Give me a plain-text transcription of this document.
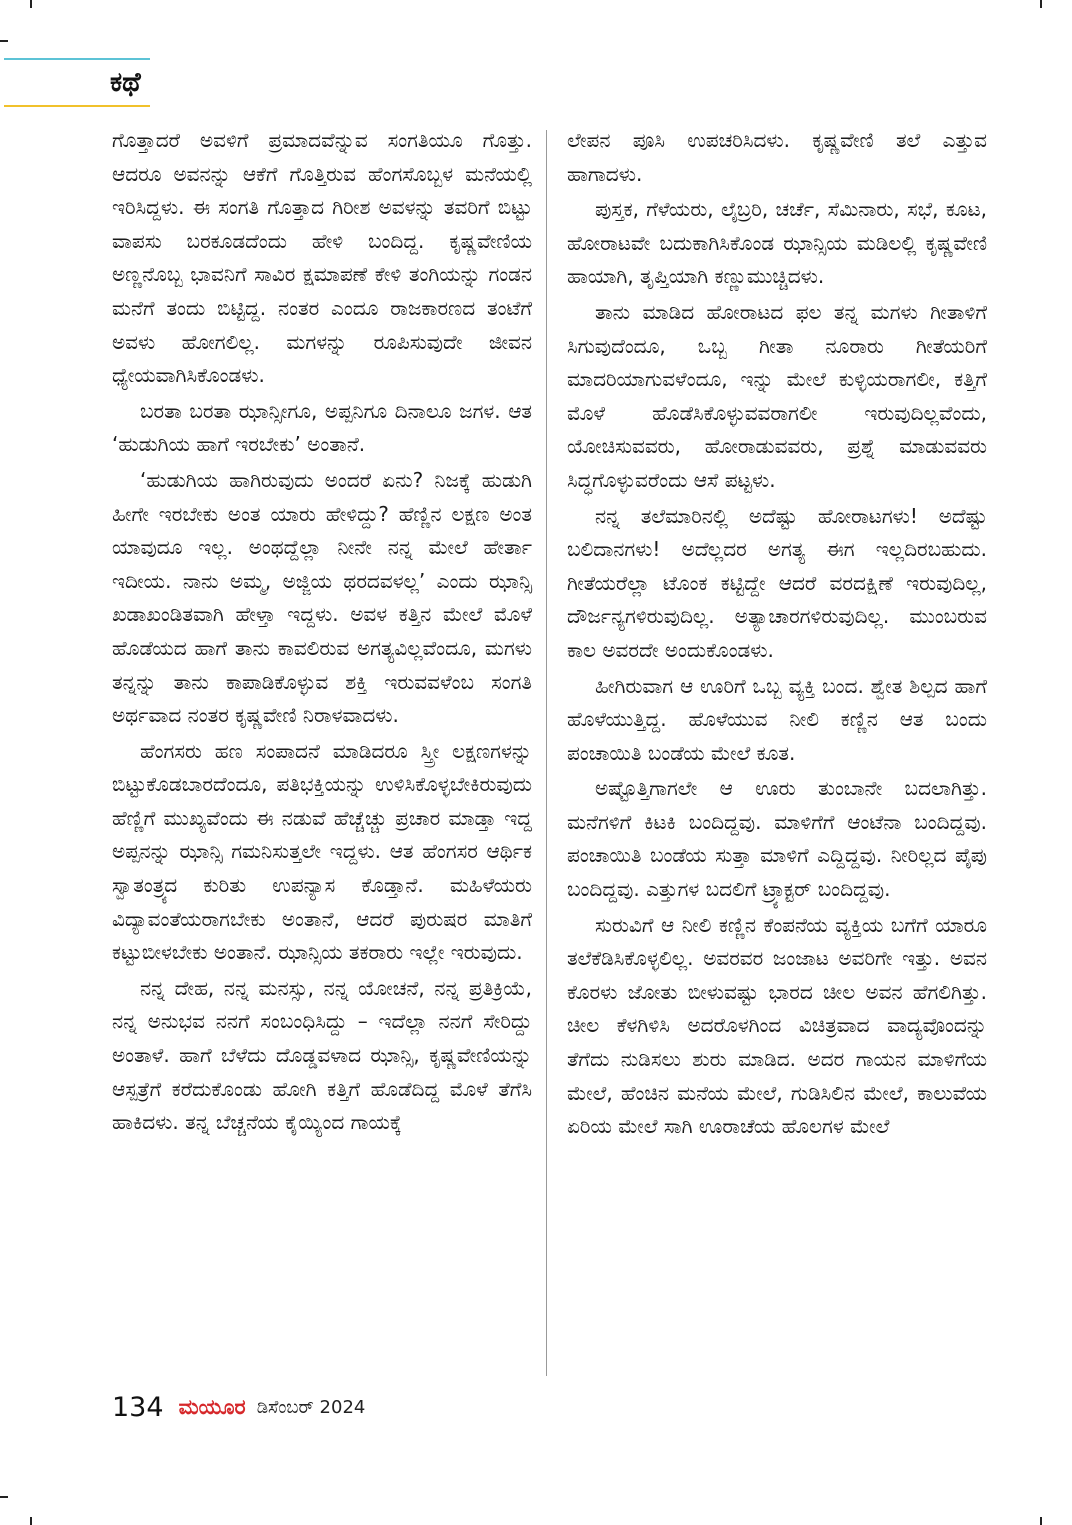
ಕಥೆ

ಗೊತ್ತಾದರೆ ಅವಳಿಗೆ ಪ್ರಮಾದವೆನ್ನುವ ಸಂಗತಿಯೂ ಗೊತ್ತು. ಆದರೂ ಅವನನ್ನು ಆಕೆಗೆ ಗೊತ್ತಿರುವ ಹೆಂಗಸೊಬ್ಬಳ ಮನೆಯಲ್ಲಿ ಇರಿಸಿದ್ದಳು. ಈ ಸಂಗತಿ ಗೊತ್ತಾದ ಗಿರೀಶ ಅವಳನ್ನು ತವರಿಗೆ ಬಿಟ್ಟು ವಾಪಸು ಬರಕೂಡದೆಂದು ಹೇಳಿ ಬಂದಿದ್ದ. ಕೃಷ್ಣವೇಣಿಯ ಅಣ್ಣನೊಬ್ಬ ಭಾವನಿಗೆ ಸಾವಿರ ಕ್ಷಮಾಪಣೆ ಕೇಳಿ ತಂಗಿಯನ್ನು ಗಂಡನ ಮನೆಗೆ ತಂದು ಬಿಟ್ಟಿದ್ದ. ನಂತರ ಎಂದೂ ರಾಜಕಾರಣದ ತಂಟೆಗೆ ಅವಳು ಹೋಗಲಿಲ್ಲ. ಮಗಳನ್ನು ರೂಪಿಸುವುದೇ ಜೀವನ ಧ್ಯೇಯವಾಗಿಸಿಕೊಂಡಳು.

ಬರತಾ ಬರತಾ ಝಾನ್ಸೀಗೂ, ಅಪ್ಪನಿಗೂ ದಿನಾಲೂ ಜಗಳ. ಆತ ‘ಹುಡುಗಿಯ ಹಾಗೆ ಇರಬೇಕು’ ಅಂತಾನೆ.

‘ಹುಡುಗಿಯ ಹಾಗಿರುವುದು ಅಂದರೆ ಏನು? ನಿಜಕ್ಕೆ ಹುಡುಗಿ ಹೀಗೇ ಇರಬೇಕು ಅಂತ ಯಾರು ಹೇಳಿದ್ದು? ಹೆಣ್ಣಿನ ಲಕ್ಷಣ ಅಂತ ಯಾವುದೂ ಇಲ್ಲ. ಅಂಥದ್ದೆಲ್ಲಾ ನೀನೇ ನನ್ನ ಮೇಲೆ ಹೇರ್ತಾ ಇದೀಯ. ನಾನು ಅಮ್ಮ, ಅಜ್ಜಿಯ ಥರದವಳಲ್ಲ’ ಎಂದು ಝಾನ್ಸಿ ಖಡಾಖಂಡಿತವಾಗಿ ಹೇಳ್ತಾ ಇದ್ದಳು. ಅವಳ ಕತ್ತಿನ ಮೇಲೆ ಮೊಳೆ ಹೊಡೆಯದ ಹಾಗೆ ತಾನು ಕಾವಲಿರುವ ಅಗತ್ಯವಿಲ್ಲವೆಂದೂ, ಮಗಳು ತನ್ನನ್ನು ತಾನು ಕಾಪಾಡಿಕೊಳ್ಳುವ ಶಕ್ತಿ ಇರುವವಳೆಂಬ ಸಂಗತಿ ಅರ್ಥವಾದ ನಂತರ ಕೃಷ್ಣವೇಣಿ ನಿರಾಳವಾದಳು.

ಹೆಂಗಸರು ಹಣ ಸಂಪಾದನೆ ಮಾಡಿದರೂ ಸ್ತ್ರೀ ಲಕ್ಷಣಗಳನ್ನು ಬಿಟ್ಟುಕೊಡಬಾರದೆಂದೂ, ಪತಿಭಕ್ತಿಯನ್ನು ಉಳಿಸಿಕೊಳ್ಳಬೇಕಿರುವುದು ಹೆಣ್ಣಿಗೆ ಮುಖ್ಯವೆಂದು ಈ ನಡುವೆ ಹೆಚ್ಚೆಚ್ಚು ಪ್ರಚಾರ ಮಾಡ್ತಾ ಇದ್ದ ಅಪ್ಪನನ್ನು ಝಾನ್ಸಿ ಗಮನಿಸುತ್ತಲೇ ಇದ್ದಳು. ಆತ ಹೆಂಗಸರ ಆರ್ಥಿಕ ಸ್ವಾತಂತ್ರ್ಯದ ಕುರಿತು ಉಪನ್ಯಾಸ ಕೊಡ್ತಾನೆ. ಮಹಿಳೆಯರು ವಿದ್ಯಾವಂತೆಯರಾಗಬೇಕು ಅಂತಾನೆ, ಆದರೆ ಪುರುಷರ ಮಾತಿಗೆ ಕಟ್ಟುಬೀಳಬೇಕು ಅಂತಾನೆ. ಝಾನ್ಸಿಯ ತಕರಾರು ಇಲ್ಲೇ ಇರುವುದು.

ನನ್ನ ದೇಹ, ನನ್ನ ಮನಸ್ಸು, ನನ್ನ ಯೋಚನೆ, ನನ್ನ ಪ್ರತಿಕ್ರಿಯೆ, ನನ್ನ ಅನುಭವ ನನಗೆ ಸಂಬಂಧಿಸಿದ್ದು – ಇದೆಲ್ಲಾ ನನಗೆ ಸೇರಿದ್ದು ಅಂತಾಳೆ. ಹಾಗೆ ಬೆಳೆದು ದೊಡ್ಡವಳಾದ ಝಾನ್ಸಿ, ಕೃಷ್ಣವೇಣಿಯನ್ನು ಆಸ್ಪತ್ರೆಗೆ ಕರೆದುಕೊಂಡು ಹೋಗಿ ಕತ್ತಿಗೆ ಹೊಡೆದಿದ್ದ ಮೊಳೆ ತೆಗೆಸಿ ಹಾಕಿದಳು. ತನ್ನ ಬೆಚ್ಚನೆಯ ಕೈಯ್ಯಿಂದ ಗಾಯಕ್ಕೆ

ಲೇಪನ ಪೂಸಿ ಉಪಚರಿಸಿದಳು. ಕೃಷ್ಣವೇಣಿ ತಲೆ ಎತ್ತುವ ಹಾಗಾದಳು.

ಪುಸ್ತಕ, ಗೆಳೆಯರು, ಲೈಬ್ರರಿ, ಚರ್ಚೆ, ಸೆಮಿನಾರು, ಸಭೆ, ಕೂಟ, ಹೋರಾಟವೇ ಬದುಕಾಗಿಸಿಕೊಂಡ ಝಾನ್ಸಿಯ ಮಡಿಲಲ್ಲಿ ಕೃಷ್ಣವೇಣಿ ಹಾಯಾಗಿ, ತೃಪ್ತಿಯಾಗಿ ಕಣ್ಣುಮುಚ್ಚಿದಳು.

ತಾನು ಮಾಡಿದ ಹೋರಾಟದ ಫಲ ತನ್ನ ಮಗಳು ಗೀತಾಳಿಗೆ ಸಿಗುವುದೆಂದೂ, ಒಬ್ಬ ಗೀತಾ ನೂರಾರು ಗೀತೆಯರಿಗೆ ಮಾದರಿಯಾಗುವಳೆಂದೂ, ಇನ್ನು ಮೇಲೆ ಕುಳ್ಳಿಯರಾಗಲೀ, ಕತ್ತಿಗೆ ಮೊಳೆ ಹೊಡೆಸಿಕೊಳ್ಳುವವರಾಗಲೀ ಇರುವುದಿಲ್ಲವೆಂದು, ಯೋಚಿಸುವವರು, ಹೋರಾಡುವವರು, ಪ್ರಶ್ನೆ ಮಾಡುವವರು ಸಿದ್ಧಗೊಳ್ಳುವರೆಂದು ಆಸೆ ಪಟ್ಟಳು.

ನನ್ನ ತಲೆಮಾರಿನಲ್ಲಿ ಅದೆಷ್ಟು ಹೋರಾಟಗಳು! ಅದೆಷ್ಟು ಬಲಿದಾನಗಳು! ಅದೆಲ್ಲದರ ಅಗತ್ಯ ಈಗ ಇಲ್ಲದಿರಬಹುದು. ಗೀತೆಯರೆಲ್ಲಾ ಟೊಂಕ ಕಟ್ಟಿದ್ದೇ ಆದರೆ ವರದಕ್ಷಿಣೆ ಇರುವುದಿಲ್ಲ, ದೌರ್ಜನ್ಯಗಳಿರುವುದಿಲ್ಲ. ಅತ್ಯಾಚಾರಗಳಿರುವುದಿಲ್ಲ. ಮುಂಬರುವ ಕಾಲ ಅವರದೇ ಅಂದುಕೊಂಡಳು.

ಹೀಗಿರುವಾಗ ಆ ಊರಿಗೆ ಒಬ್ಬ ವ್ಯಕ್ತಿ ಬಂದ. ಶ್ವೇತ ಶಿಲ್ಪದ ಹಾಗೆ ಹೊಳೆಯುತ್ತಿದ್ದ. ಹೊಳೆಯುವ ನೀಲಿ ಕಣ್ಣಿನ ಆತ ಬಂದು ಪಂಚಾಯಿತಿ ಬಂಡೆಯ ಮೇಲೆ ಕೂತ.

ಅಷ್ಟೊತ್ತಿಗಾಗಲೇ ಆ ಊರು ತುಂಬಾನೇ ಬದಲಾಗಿತ್ತು. ಮನೆಗಳಿಗೆ ಕಿಟಕಿ ಬಂದಿದ್ದವು. ಮಾಳಿಗೆಗೆ ಆಂಟೆನಾ ಬಂದಿದ್ದವು. ಪಂಚಾಯಿತಿ ಬಂಡೆಯ ಸುತ್ತಾ ಮಾಳಿಗೆ ಎದ್ದಿದ್ದವು. ನೀರಿಲ್ಲದ ಪೈಪು ಬಂದಿದ್ದವು. ಎತ್ತುಗಳ ಬದಲಿಗೆ ಟ್ರ್ಯಾಕ್ಟರ್ ಬಂದಿದ್ದವು.

ಸುರುವಿಗೆ ಆ ನೀಲಿ ಕಣ್ಣಿನ ಕೆಂಪನೆಯ ವ್ಯಕ್ತಿಯ ಬಗೆಗೆ ಯಾರೂ ತಲೆಕೆಡಿಸಿಕೊಳ್ಳಲಿಲ್ಲ. ಅವರವರ ಜಂಜಾಟ ಅವರಿಗೇ ಇತ್ತು. ಅವನ ಕೊರಳು ಜೋತು ಬೀಳುವಷ್ಟು ಭಾರದ ಚೀಲ ಅವನ ಹೆಗಲಿಗಿತ್ತು. ಚೀಲ ಕೆಳಗಿಳಿಸಿ ಅದರೊಳಗಿಂದ ವಿಚಿತ್ರವಾದ ವಾದ್ಯವೊಂದನ್ನು ತೆಗೆದು ನುಡಿಸಲು ಶುರು ಮಾಡಿದ. ಅದರ ಗಾಯನ ಮಾಳಿಗೆಯ ಮೇಲೆ, ಹೆಂಚಿನ ಮನೆಯ ಮೇಲೆ, ಗುಡಿಸಿಲಿನ ಮೇಲೆ, ಕಾಲುವೆಯ ಏರಿಯ ಮೇಲೆ ಸಾಗಿ ಊರಾಚೆಯ ಹೊಲಗಳ ಮೇಲೆ

134 ಮಯೂರ ಡಿಸೆಂಬರ್ 2024
